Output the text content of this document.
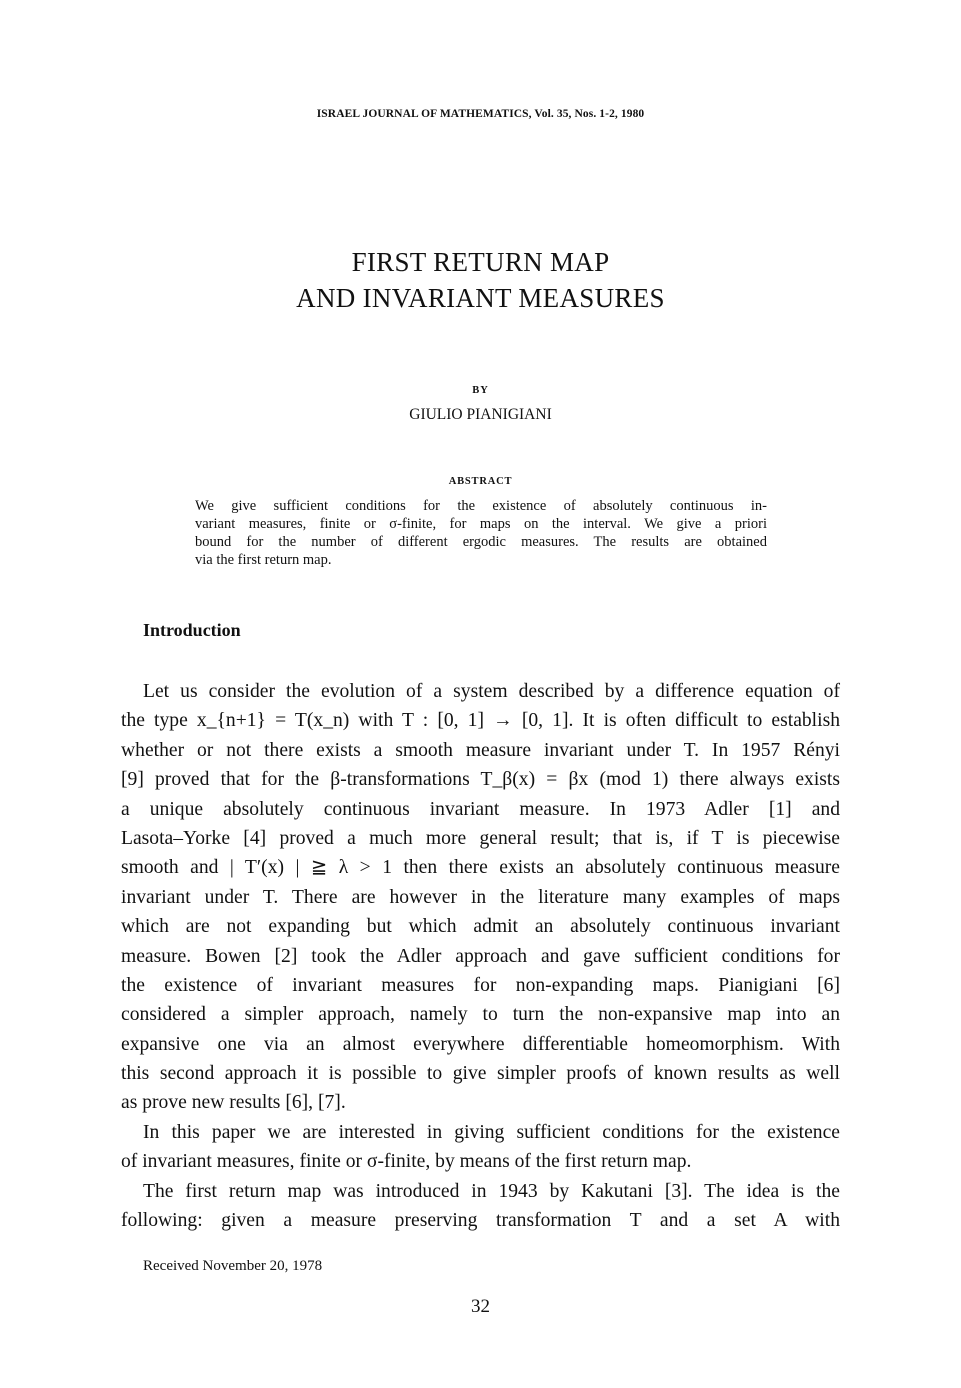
ISRAEL JOURNAL OF MATHEMATICS, Vol. 35, Nos. 1-2, 1980
FIRST RETURN MAP
AND INVARIANT MEASURES
BY
GIULIO PIANIGIANI
ABSTRACT
We give sufficient conditions for the existence of absolutely continuous in-
variant measures, finite or σ-finite, for maps on the interval. We give a priori
bound for the number of different ergodic measures. The results are obtained
via the first return map.
Introduction
Let us consider the evolution of a system described by a difference equation of
the type x_{n+1} = T(x_n) with T : [0, 1] → [0, 1]. It is often difficult to establish
whether or not there exists a smooth measure invariant under T. In 1957 Rényi
[9] proved that for the β-transformations T_β(x) = βx (mod 1) there always exists
a unique absolutely continuous invariant measure. In 1973 Adler [1] and
Lasota–Yorke [4] proved a much more general result; that is, if T is piecewise
smooth and | T′(x) | ≧ λ > 1 then there exists an absolutely continuous measure
invariant under T. There are however in the literature many examples of maps
which are not expanding but which admit an absolutely continuous invariant
measure. Bowen [2] took the Adler approach and gave sufficient conditions for
the existence of invariant measures for non-expanding maps. Pianigiani [6]
considered a simpler approach, namely to turn the non-expansive map into an
expansive one via an almost everywhere differentiable homeomorphism. With
this second approach it is possible to give simpler proofs of known results as well
as prove new results [6], [7].
In this paper we are interested in giving sufficient conditions for the existence
of invariant measures, finite or σ-finite, by means of the first return map.
The first return map was introduced in 1943 by Kakutani [3]. The idea is the
following: given a measure preserving transformation T and a set A with
Received November 20, 1978
32
